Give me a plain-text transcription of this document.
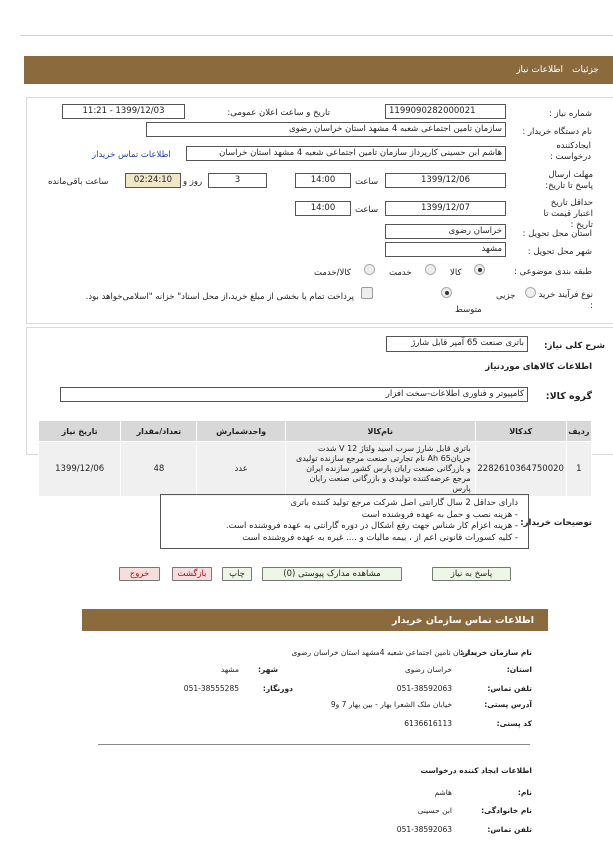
جزئیات
اطلاعات نیاز
شماره نیاز :
1199090282000021
تاریخ و ساعت اعلان عمومی:
1399/12/03 - 11:21
نام دستگاه خریدار :
سازمان تامین اجتماعی شعبه 4 مشهد استان خراسان رضوی
ایجادکننده درخواست :
هاشم ابن حسینی کارپرداز سازمان تامین اجتماعی شعبه 4 مشهد استان خراسان
اطلاعات تماس خریدار
مهلت ارسال پاسخ تا تاریخ:
1399/12/06
ساعت
14:00
3
روز و
02:24:10
ساعت باقی‌مانده
حداقل تاریخ اعتبار قیمت تا تاریخ :
1399/12/07
ساعت
14:00
استان محل تحویل :
خراسان رضوی
شهر محل تحویل :
مشهد
طبقه بندی موضوعی :
کالا
خدمت
کالا/خدمت
نوع فرآیند خرید :
جزیی
متوسط
پرداخت تمام یا بخشی از مبلغ خرید،از محل اسناد" خزانه "اسلامی‌خواهد بود.
شرح کلی نیاز:
باتری صنعت 65 آمپر قابل شارژ
اطلاعات کالاهای موردنیاز
گروه کالا:
کامپیوتر و فناوری اطلاعات-سخت افزار
ردیف	کدکالا	نام‌کالا	واحدشمارش	تعداد/مقدار	تاریخ نیاز
1	2282610364750020	باتری قابل شارژ سرب اسید ولتاژ 12 V شدت جریان65 Ah نام تجارتی صنعت مرجع سازنده تولیدی و بازرگانی صنعت رایان پارس کشور سازنده ایران مرجع عرضه‌کننده تولیدی و بازرگانی صنعت رایان پارس	عدد	48	1399/12/06
توضیحات خریدار:
دارای حداقل 2 سال گارانتی اصل شرکت مرجع تولید کننده باتری
- هزینه نصب و حمل به عهده فروشنده است
- هزینه اعزام کار شناس جهت رفع اشکال در دوره گارانتی به عهده فروشنده است.
- کلیه کسورات قانونی اعم از ، بیمه مالیات و .... غیره به عهده فروشنده است
پاسخ به نیاز
مشاهده مدارک پیوستی (0)
چاپ
بازگشت
خروج
اطلاعات تماس سازمان خریدار
نام سازمان خریدار:
سازمان تامین اجتماعی شعبه 4مشهد استان خراسان رضوی
استان:
خراسان رضوی
شهر:
مشهد
تلفن تماس:
051-38592063
دورنگار:
051-38555285
آدرس پستی:
خیابان ملک الشعرا بهار - بین بهار 7 و9
کد پستی:
6136616113
اطلاعات ایجاد کننده درخواست
نام:
هاشم
نام خانوادگی:
ابن حسینی
تلفن تماس:
051-38592063
